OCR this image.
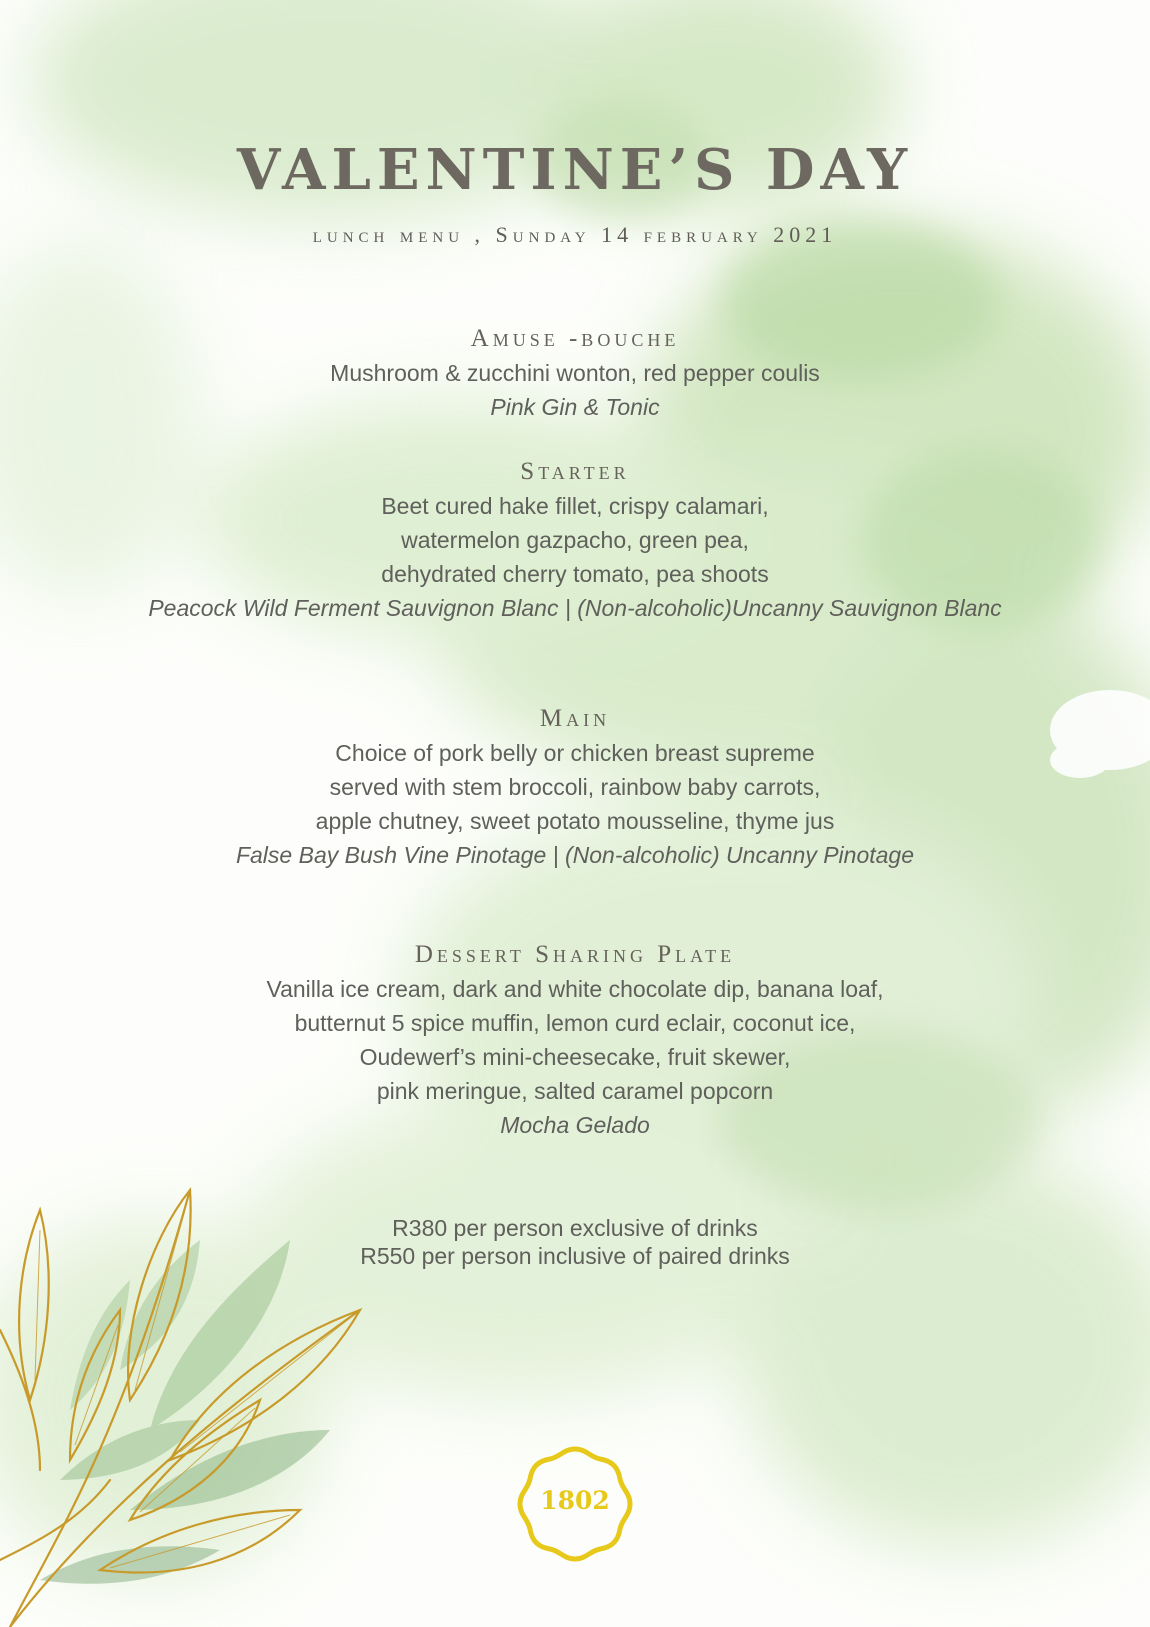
VALENTINE’S DAY

lunch menu , Sunday 14 february 2021

Amuse -bouche

Mushroom & zucchini wonton, red pepper coulis

Pink Gin & Tonic

Starter

Beet cured hake fillet, crispy calamari,

watermelon gazpacho, green pea,

dehydrated cherry tomato, pea shoots

Peacock Wild Ferment Sauvignon Blanc | (Non-alcoholic)Uncanny Sauvignon Blanc

Main

Choice of pork belly or chicken breast supreme

served with stem broccoli, rainbow baby carrots,

apple chutney, sweet potato mousseline, thyme jus

False Bay Bush Vine Pinotage | (Non-alcoholic) Uncanny Pinotage

Dessert Sharing Plate

Vanilla ice cream, dark and white chocolate dip, banana loaf,

butternut 5 spice muffin, lemon curd eclair, coconut ice,

Oudewerf’s mini-cheesecake, fruit skewer,

pink meringue, salted caramel popcorn

Mocha Gelado

R380 per person exclusive of drinks

R550 per person inclusive of paired drinks

1802
